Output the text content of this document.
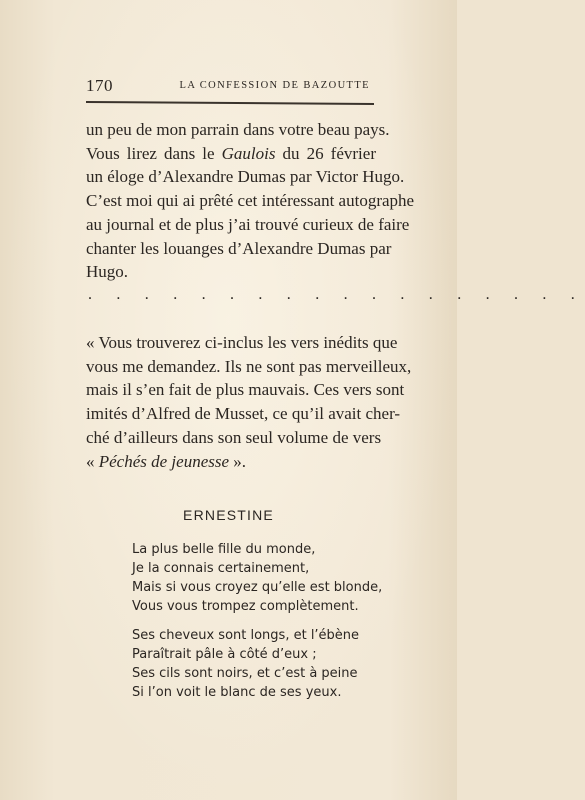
170	LA CONFESSION DE BAZOUTTE
un peu de mon parrain dans votre beau pays.
Vous lirez dans le Gaulois du 26 février
un éloge d’Alexandre Dumas par Victor Hugo.
C’est moi qui ai prêté cet intéressant autographe
au journal et de plus j’ai trouvé curieux de faire
chanter les louanges d’Alexandre Dumas par
Hugo.
. . . . . . . . . . . . . . . . . .
« Vous trouverez ci-inclus les vers inédits que
vous me demandez. Ils ne sont pas merveilleux,
mais il s’en fait de plus mauvais. Ces vers sont
imités d’Alfred de Musset, ce qu’il avait cher-
ché d’ailleurs dans son seul volume de vers
« Péchés de jeunesse ».
ERNESTINE
La plus belle fille du monde,
Je la connais certainement,
Mais si vous croyez qu’elle est blonde,
Vous vous trompez complètement.
Ses cheveux sont longs, et l’ébène
Paraîtrait pâle à côté d’eux ;
Ses cils sont noirs, et c’est à peine
Si l’on voit le blanc de ses yeux.
